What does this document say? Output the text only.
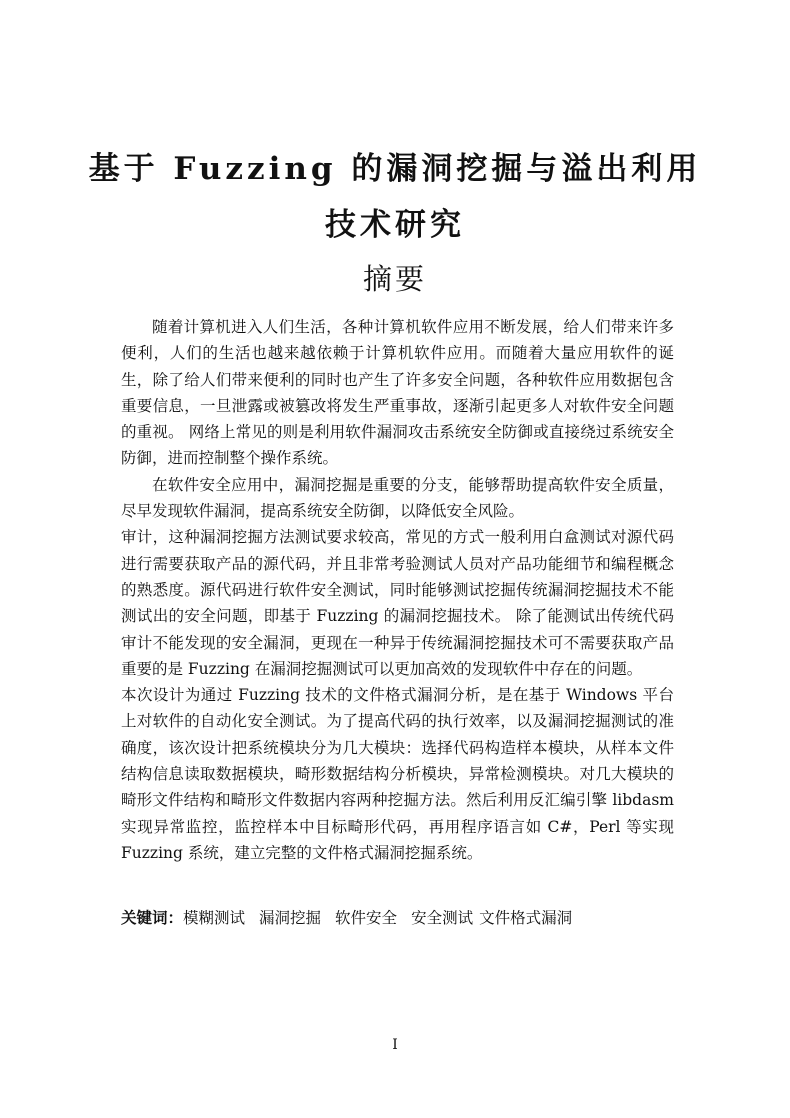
基于 Fuzzing 的漏洞挖掘与溢出利用
技术研究
摘要

随着计算机进入人们生活，各种计算机软件应用不断发展，给人们带来许多便利，人们的生活也越来越依赖于计算机软件应用。而随着大量应用软件的诞生，除了给人们带来便利的同时也产生了许多安全问题，各种软件应用数据包含重要信息，一旦泄露或被篡改将发生严重事故，逐渐引起更多人对软件安全问题的重视。 网络上常见的则是利用软件漏洞攻击系统安全防御或直接绕过系统安全防御，进而控制整个操作系统。

在软件安全应用中，漏洞挖掘是重要的分支，能够帮助提高软件安全质量，尽早发现软件漏洞，提高系统安全防御，以降低安全风险。

审计，这种漏洞挖掘方法测试要求较高，常见的方式一般利用白盒测试对源代码进行需要获取产品的源代码，并且非常考验测试人员对产品功能细节和编程概念的熟悉度。源代码进行软件安全测试，同时能够测试挖掘传统漏洞挖掘技术不能测试出的安全问题，即基于 Fuzzing 的漏洞挖掘技术。 除了能测试出传统代码审计不能发现的安全漏洞，更现在一种异于传统漏洞挖掘技术可不需要获取产品重要的是 Fuzzing 在漏洞挖掘测试可以更加高效的发现软件中存在的问题。

本次设计为通过 Fuzzing 技术的文件格式漏洞分析，是在基于 Windows 平台上对软件的自动化安全测试。为了提高代码的执行效率，以及漏洞挖掘测试的准确度，该次设计把系统模块分为几大模块：选择代码构造样本模块，从样本文件结构信息读取数据模块，畸形数据结构分析模块，异常检测模块。对几大模块的畸形文件结构和畸形文件数据内容两种挖掘方法。然后利用反汇编引擎 libdasm 实现异常监控，监控样本中目标畸形代码，再用程序语言如 C#，Perl 等实现 Fuzzing 系统，建立完整的文件格式漏洞挖掘系统。

关键词：模糊测试 漏洞挖掘 软件安全 安全测试 文件格式漏洞
I
